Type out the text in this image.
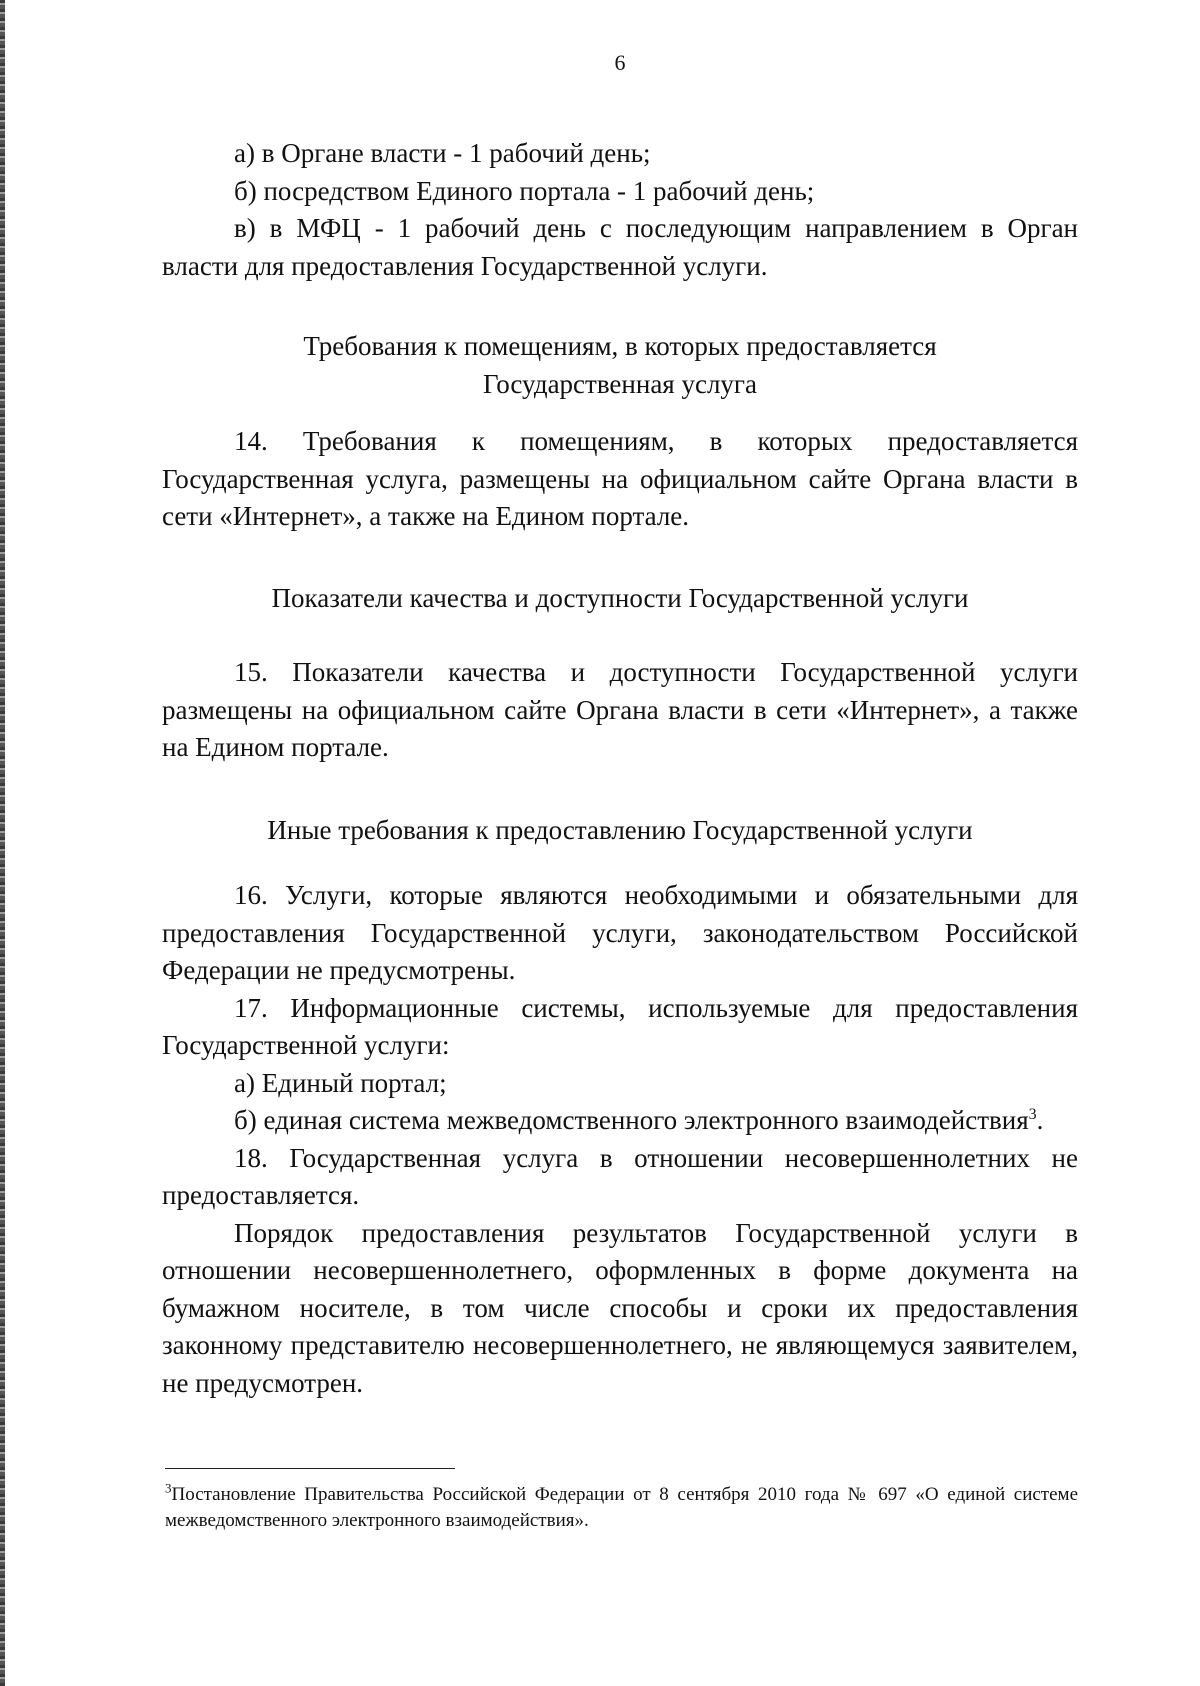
6

а) в Органе власти - 1 рабочий день;

б) посредством Единого портала - 1 рабочий день;

в) в МФЦ - 1 рабочий день с последующим направлением в Орган власти для предоставления Государственной услуги.

Требования к помещениям, в которых предоставляется

Государственная услуга

14. Требования к помещениям, в которых предоставляется Государственная услуга, размещены на официальном сайте Органа власти в сети «Интернет», а также на Едином портале.

Показатели качества и доступности Государственной услуги

15. Показатели качества и доступности Государственной услуги размещены на официальном сайте Органа власти в сети «Интернет», а также на Едином портале.

Иные требования к предоставлению Государственной услуги

16. Услуги, которые являются необходимыми и обязательными для предоставления Государственной услуги, законодательством Российской Федерации не предусмотрены.

17. Информационные системы, используемые для предоставления Государственной услуги:

а) Единый портал;

б) единая система межведомственного электронного взаимодействия$^3$.

18. Государственная услуга в отношении несовершеннолетних не предоставляется.

Порядок предоставления результатов Государственной услуги в отношении несовершеннолетнего, оформленных в форме документа на бумажном носителе, в том числе способы и сроки их предоставления законному представителю несовершеннолетнего, не являющемуся заявителем, не предусмотрен.

$^3$Постановление Правительства Российской Федерации от 8 сентября 2010 года № 697 «О единой системе межведомственного электронного взаимодействия».
